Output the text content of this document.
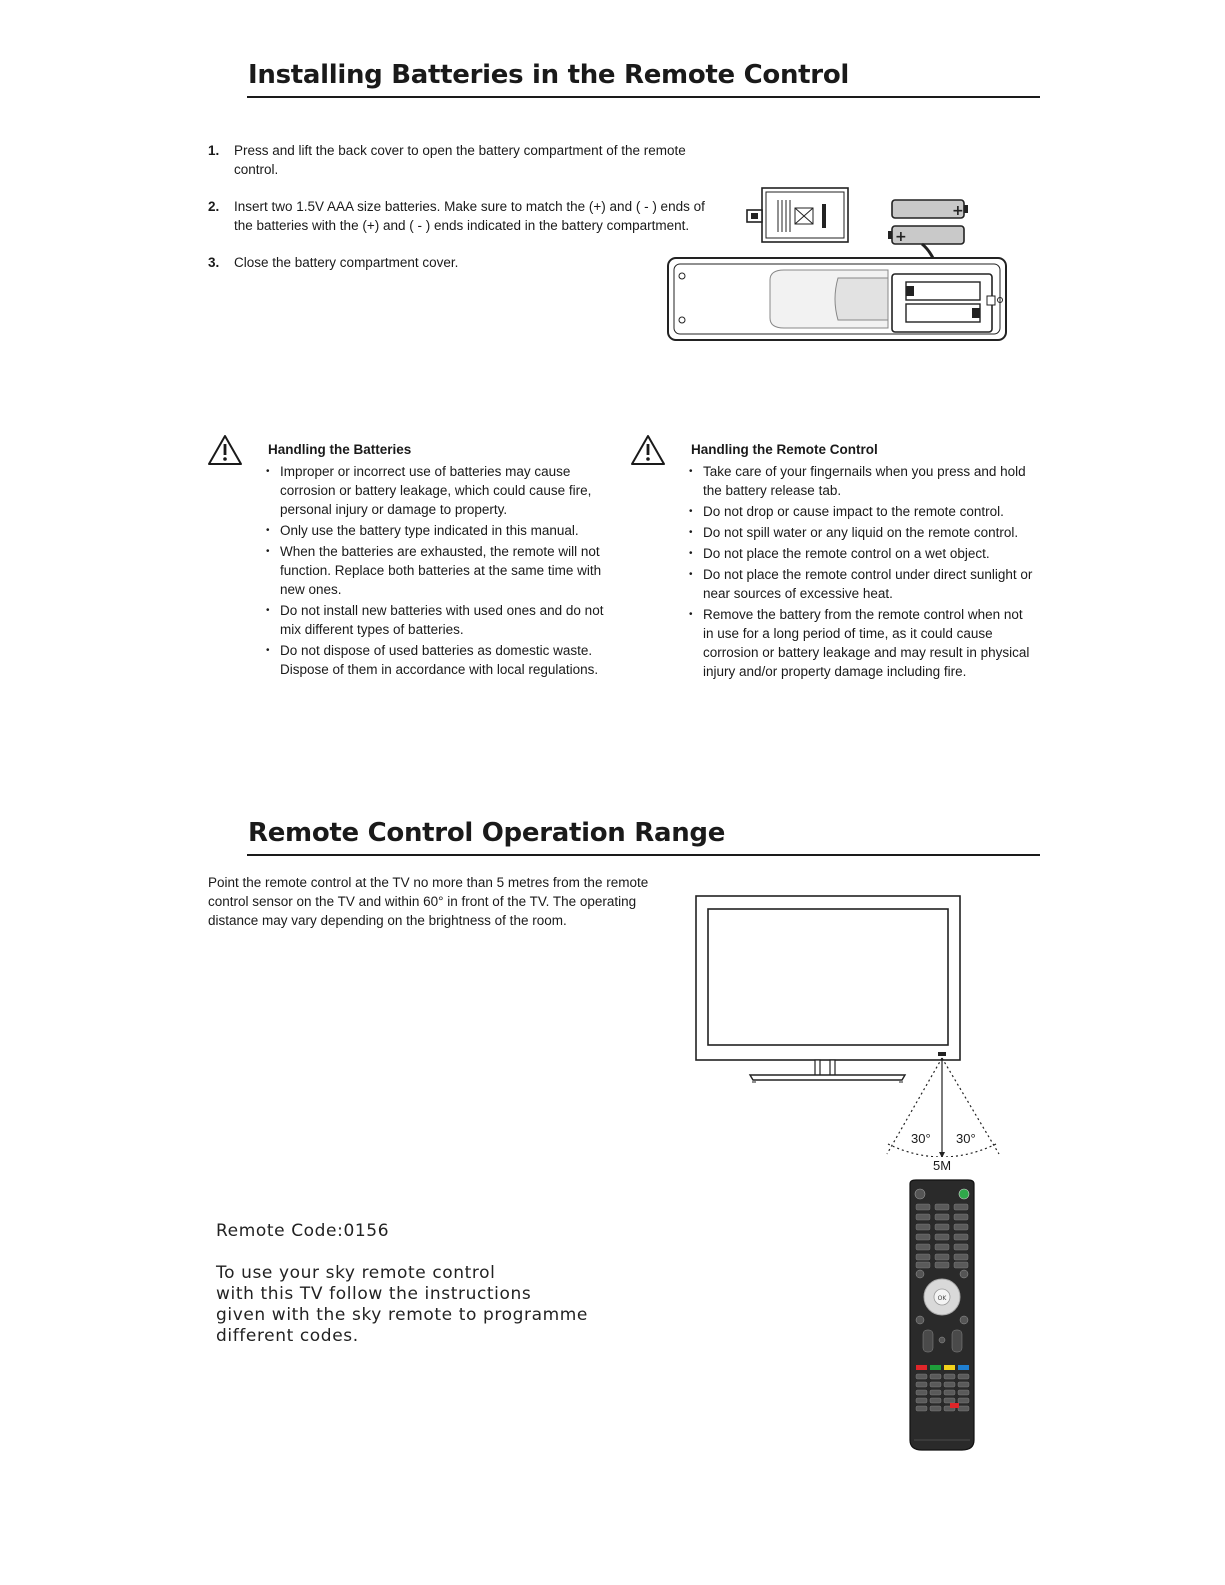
Installing Batteries in the Remote Control
1. Press and lift the back cover to open the battery compartment of the remote control.
2. Insert two 1.5V AAA size batteries. Make sure to match the (+) and ( - ) ends of the batteries with the (+) and ( - ) ends indicated in the battery compartment.
3. Close the battery compartment cover.
+
+
Handling the Batteries
• Improper or incorrect use of batteries may cause corrosion or battery leakage, which could cause fire, personal injury or damage to property.
• Only use the battery type indicated in this manual.
• When the batteries are exhausted, the remote will not function. Replace both batteries at the same time with new ones.
• Do not install new batteries with used ones and do not mix different types of batteries.
• Do not dispose of used batteries as domestic waste. Dispose of them in accordance with local regulations.
Handling the Remote Control
• Take care of your fingernails when you press and hold the battery release tab.
• Do not drop or cause impact to the remote control.
• Do not spill water or any liquid on the remote control.
• Do not place the remote control on a wet object.
• Do not place the remote control under direct sunlight or near sources of excessive heat.
• Remove the battery from the remote control when not in use for a long period of time, as it could cause corrosion or battery leakage and may result in physical injury and/or property damage including fire.
Remote Control Operation Range

Point the remote control at the TV no more than 5 metres from the remote control sensor on the TV and within 60° in front of the TV. The operating distance may vary depending on the brightness of the room.

30° 30°
5M

Remote Code:0156

To use your sky remote control

with this TV follow the instructions

given with the sky remote to programme

different codes.

OK
